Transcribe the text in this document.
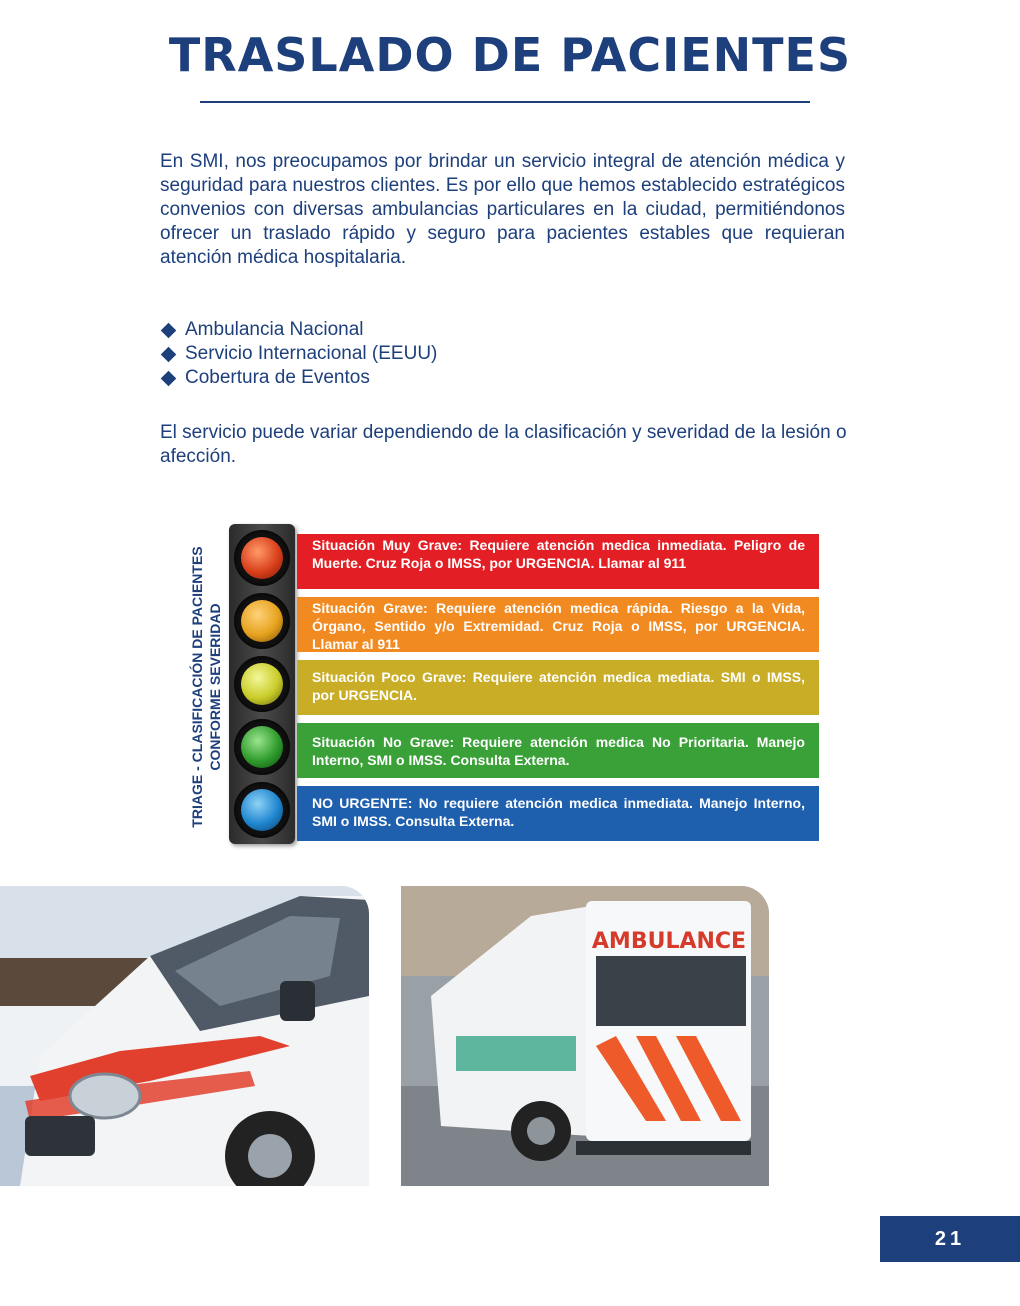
TRASLADO DE PACIENTES

En SMI, nos preocupamos por brindar un servicio integral de atención médica y seguridad para nuestros clientes. Es por ello que hemos establecido estratégicos convenios con diversas ambulancias particulares en la ciudad, permitiéndonos ofrecer un traslado rápido y seguro para pacientes estables que requieran atención médica hospitalaria.

Ambulancia Nacional
Servicio Internacional (EEUU)
Cobertura de Eventos

El servicio puede variar dependiendo de la clasificación y severidad de la lesión o afección.

TRIAGE - CLASIFICACIÓN DE PACIENTES CONFORME SEVERIDAD
Situación Muy Grave: Requiere atención medica inmediata. Peligro de Muerte. Cruz Roja o IMSS, por URGENCIA. Llamar al 911
Situación Grave: Requiere atención medica rápida. Riesgo a la Vida, Órgano, Sentido y/o Extremidad. Cruz Roja o IMSS, por URGENCIA. Llamar al 911
Situación Poco Grave: Requiere atención medica mediata. SMI o IMSS, por URGENCIA.
Situación No Grave: Requiere atención medica No Prioritaria. Manejo Interno, SMI o IMSS. Consulta Externa.
NO URGENTE: No requiere atención medica inmediata. Manejo Interno, SMI o IMSS. Consulta Externa.
AMBULANCE
21
